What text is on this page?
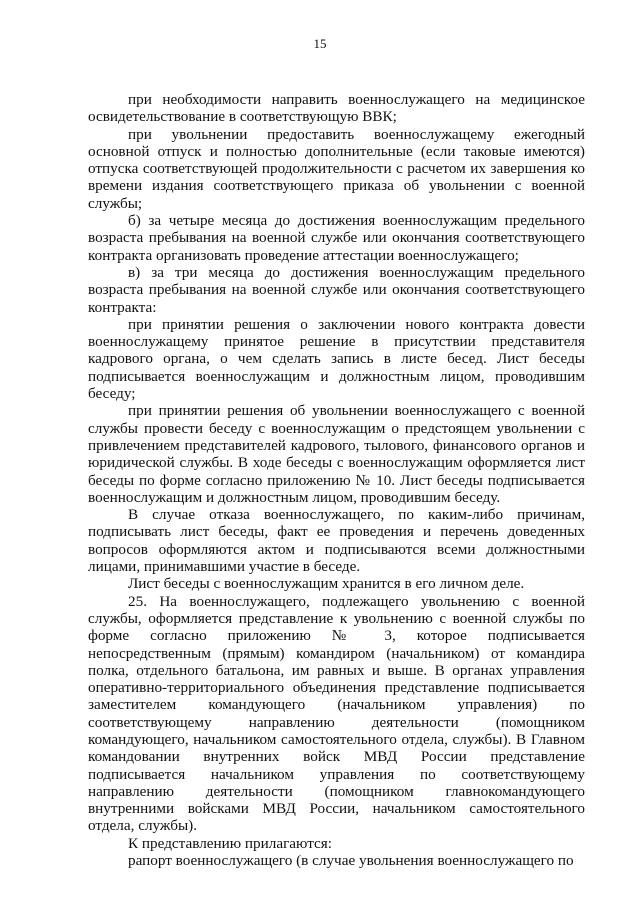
15

при необходимости направить военнослужащего на медицинское освидетельствование в соответствующую ВВК;

при увольнении предоставить военнослужащему ежегодный основной отпуск и полностью дополнительные (если таковые имеются) отпуска соответствующей продолжительности с расчетом их завершения ко времени издания соответствующего приказа об увольнении с военной службы;

б) за четыре месяца до достижения военнослужащим предельного возраста пребывания на военной службе или окончания соответствующего контракта организовать проведение аттестации военнослужащего;

в) за три месяца до достижения военнослужащим предельного возраста пребывания на военной службе или окончания соответствующего контракта:

при принятии решения о заключении нового контракта довести военнослужащему принятое решение в присутствии представителя кадрового органа, о чем сделать запись в листе бесед. Лист беседы подписывается военнослужащим и должностным лицом, проводившим беседу;

при принятии решения об увольнении военнослужащего с военной службы провести беседу с военнослужащим о предстоящем увольнении с привлечением представителей кадрового, тылового, финансового органов и юридической службы. В ходе беседы с военнослужащим оформляется лист беседы по форме согласно приложению № 10. Лист беседы подписывается военнослужащим и должностным лицом, проводившим беседу.

В случае отказа военнослужащего, по каким-либо причинам, подписывать лист беседы, факт ее проведения и перечень доведенных вопросов оформляются актом и подписываются всеми должностными лицами, принимавшими участие в беседе.

Лист беседы с военнослужащим хранится в его личном деле.

25. На военнослужащего, подлежащего увольнению с военной службы, оформляется представление к увольнению с военной службы по форме согласно приложению № 3, которое подписывается непосредственным (прямым) командиром (начальником) от командира полка, отдельного батальона, им равных и выше. В органах управления оперативно-территориального объединения представление подписывается заместителем командующего (начальником управления) по соответствующему направлению деятельности (помощником командующего, начальником самостоятельного отдела, службы). В Главном командовании внутренних войск МВД России представление подписывается начальником управления по соответствующему направлению деятельности (помощником главнокомандующего внутренними войсками МВД России, начальником самостоятельного отдела, службы).

К представлению прилагаются:

рапорт военнослужащего (в случае увольнения военнослужащего по
